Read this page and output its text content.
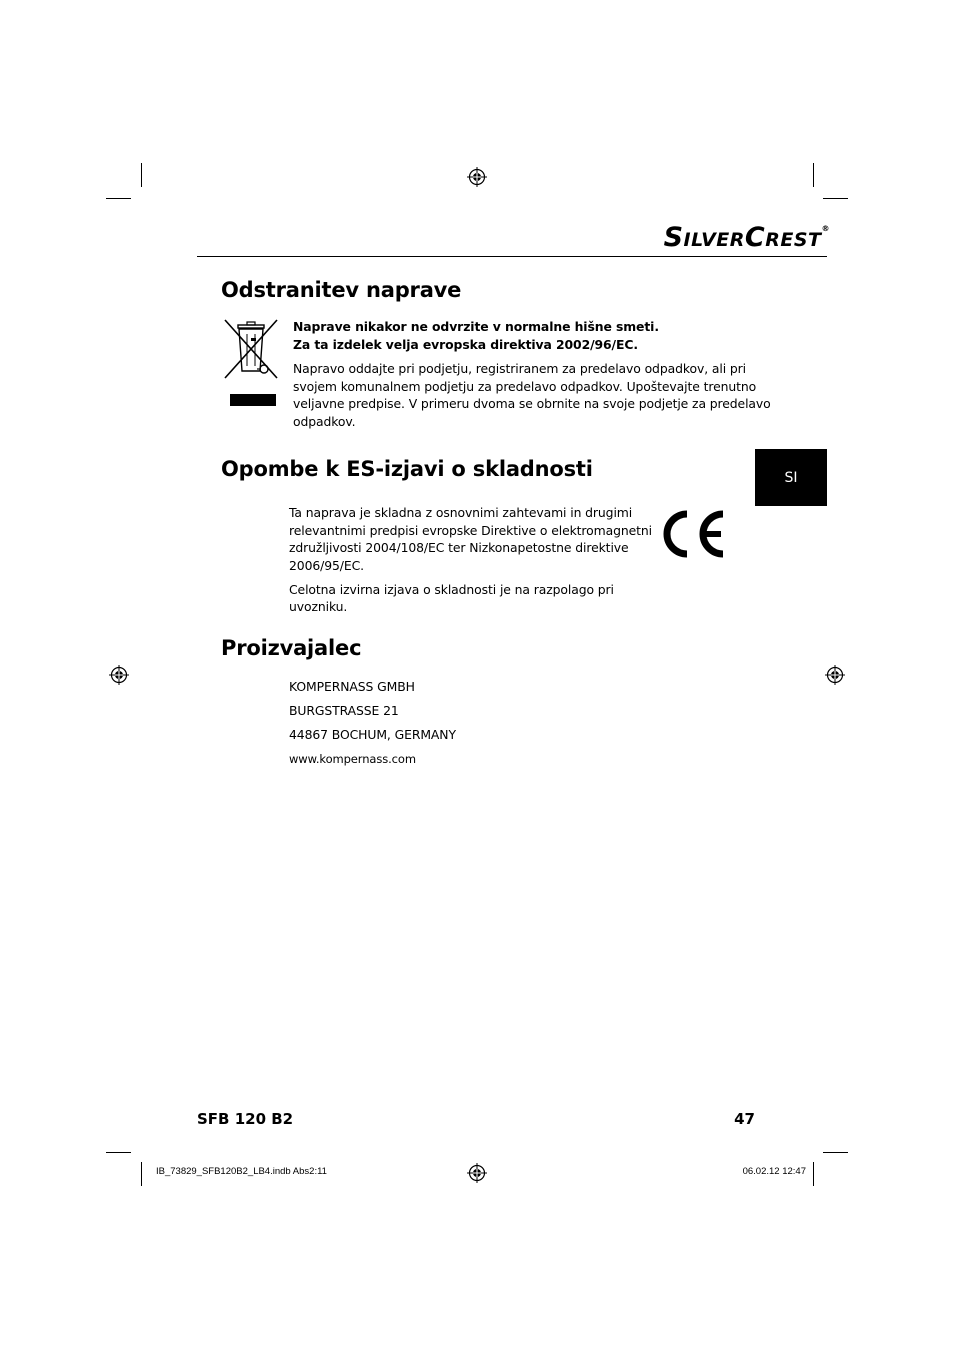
SILVERCREST®
Odstranitev naprave

Naprave nikakor ne odvrzite v normalne hišne smeti.

Za ta izdelek velja evropska direktiva 2002/96/EC.

Napravo oddajte pri podjetju, registriranem za predelavo odpadkov, ali pri

svojem komunalnem podjetju za predelavo odpadkov. Upoštevajte trenutno

veljavne predpise. V primeru dvoma se obrnite na svoje podjetje za predelavo

odpadkov.

SI
Opombe k ES-izjavi o skladnosti

Ta naprava je skladna z osnovnimi zahtevami in drugimi

relevantnimi predpisi evropske Direktive o elektromagnetni

združljivosti 2004/108/EC ter Nizkonapetostne direktive

2006/95/EC.

Celotna izvirna izjava o skladnosti je na razpolago pri

uvozniku.

Proizvajalec

KOMPERNASS GMBH

BURGSTRASSE 21

44867 BOCHUM, GERMANY

www.kompernass.com

SFB 120 B2	47
IB_73829_SFB120B2_LB4.indb Abs2:11	06.02.12 12:47
